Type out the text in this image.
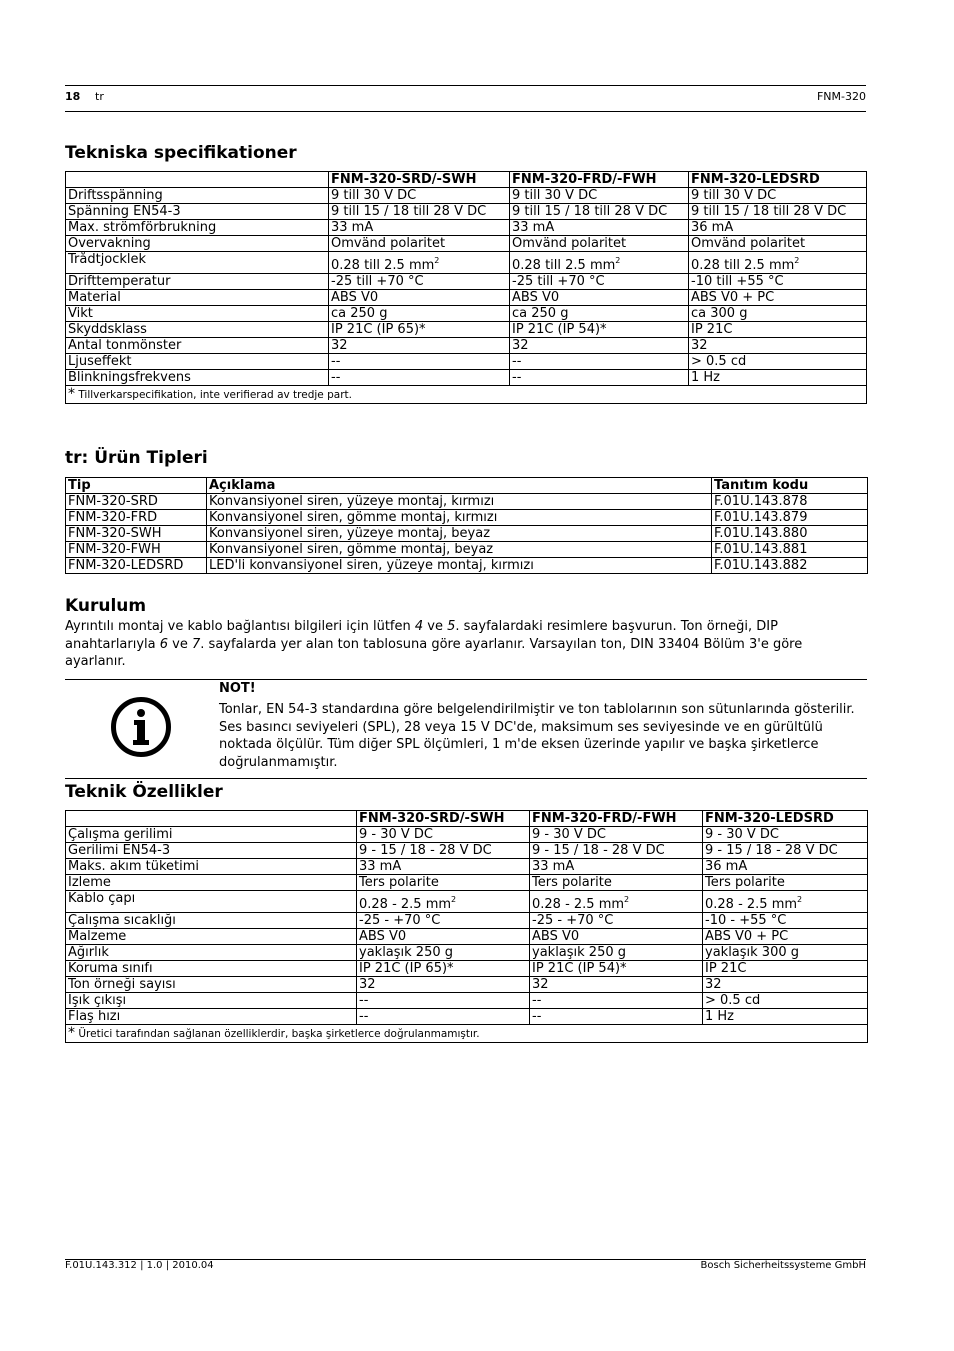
18 tr	FNM-320
Tekniska specifikationer
	FNM-320-SRD/-SWH	FNM-320-FRD/-FWH	FNM-320-LEDSRD
Driftsspänning	9 till 30 V DC	9 till 30 V DC	9 till 30 V DC
Spänning EN54-3	9 till 15 / 18 till 28 V DC	9 till 15 / 18 till 28 V DC	9 till 15 / 18 till 28 V DC
Max. strömförbrukning	33 mA	33 mA	36 mA
Övervakning	Omvänd polaritet	Omvänd polaritet	Omvänd polaritet
Trådtjocklek	0.28 till 2.5 $mm^2$	0.28 till 2.5 $mm^2$	0.28 till 2.5 $mm^2$
Drifttemperatur	-25 till +70 °C	-25 till +70 °C	-10 till +55 °C
Material	ABS V0	ABS V0	ABS V0 + PC
Vikt	ca 250 g	ca 250 g	ca 300 g
Skyddsklass	IP 21C (IP 65)*	IP 21C (IP 54)*	IP 21C
Antal tonmönster	32	32	32
Ljuseffekt	--	--	> 0.5 cd
Blinkningsfrekvens	--	--	1 Hz
* Tillverkarspecifikation, inte verifierad av tredje part.			
tr: Ürün Tipleri
Tip	Açıklama	Tanıtım kodu
FNM-320-SRD	Konvansiyonel siren, yüzeye montaj, kırmızı	F.01U.143.878
FNM-320-FRD	Konvansiyonel siren, gömme montaj, kırmızı	F.01U.143.879
FNM-320-SWH	Konvansiyonel siren, yüzeye montaj, beyaz	F.01U.143.880
FNM-320-FWH	Konvansiyonel siren, gömme montaj, beyaz	F.01U.143.881
FNM-320-LEDSRD	LED'li konvansiyonel siren, yüzeye montaj, kırmızı	F.01U.143.882
Kurulum
Ayrıntılı montaj ve kablo bağlantısı bilgileri için lütfen 4 ve 5. sayfalardaki resimlere başvurun. Ton örneği, DIP anahtarlarıyla 6 ve 7. sayfalarda yer alan ton tablosuna göre ayarlanır. Varsayılan ton, DIN 33404 Bölüm 3'e göre ayarlanır.
NOT!
Tonlar, EN 54-3 standardına göre belgelendirilmiştir ve ton tablolarının son sütunlarında gösterilir. Ses basıncı seviyeleri (SPL), 28 veya 15 V DC'de, maksimum ses seviyesinde ve en gürültülü noktada ölçülür. Tüm diğer SPL ölçümleri, 1 m'de eksen üzerinde yapılır ve başka şirketlerce doğrulanmamıştır.
Teknik Özellikler
	FNM-320-SRD/-SWH	FNM-320-FRD/-FWH	FNM-320-LEDSRD
Çalışma gerilimi	9 - 30 V DC	9 - 30 V DC	9 - 30 V DC
Gerilimi EN54-3	9 - 15 / 18 - 28 V DC	9 - 15 / 18 - 28 V DC	9 - 15 / 18 - 28 V DC
Maks. akım tüketimi	33 mA	33 mA	36 mA
İzleme	Ters polarite	Ters polarite	Ters polarite
Kablo çapı	0.28 - 2.5 $mm^2$	0.28 - 2.5 $mm^2$	0.28 - 2.5 $mm^2$
Çalışma sıcaklığı	-25 - +70 °C	-25 - +70 °C	-10 - +55 °C
Malzeme	ABS V0	ABS V0	ABS V0 + PC
Ağırlık	yaklaşık 250 g	yaklaşık 250 g	yaklaşık 300 g
Koruma sınıfı	IP 21C (IP 65)*	IP 21C (IP 54)*	IP 21C
Ton örneği sayısı	32	32	32
Işık çıkışı	--	--	> 0.5 cd
Flaş hızı	--	--	1 Hz
* Üretici tarafından sağlanan özelliklerdir, başka şirketlerce doğrulanmamıştır.			
F.01U.143.312 | 1.0 | 2010.04	Bosch Sicherheitssysteme GmbH
